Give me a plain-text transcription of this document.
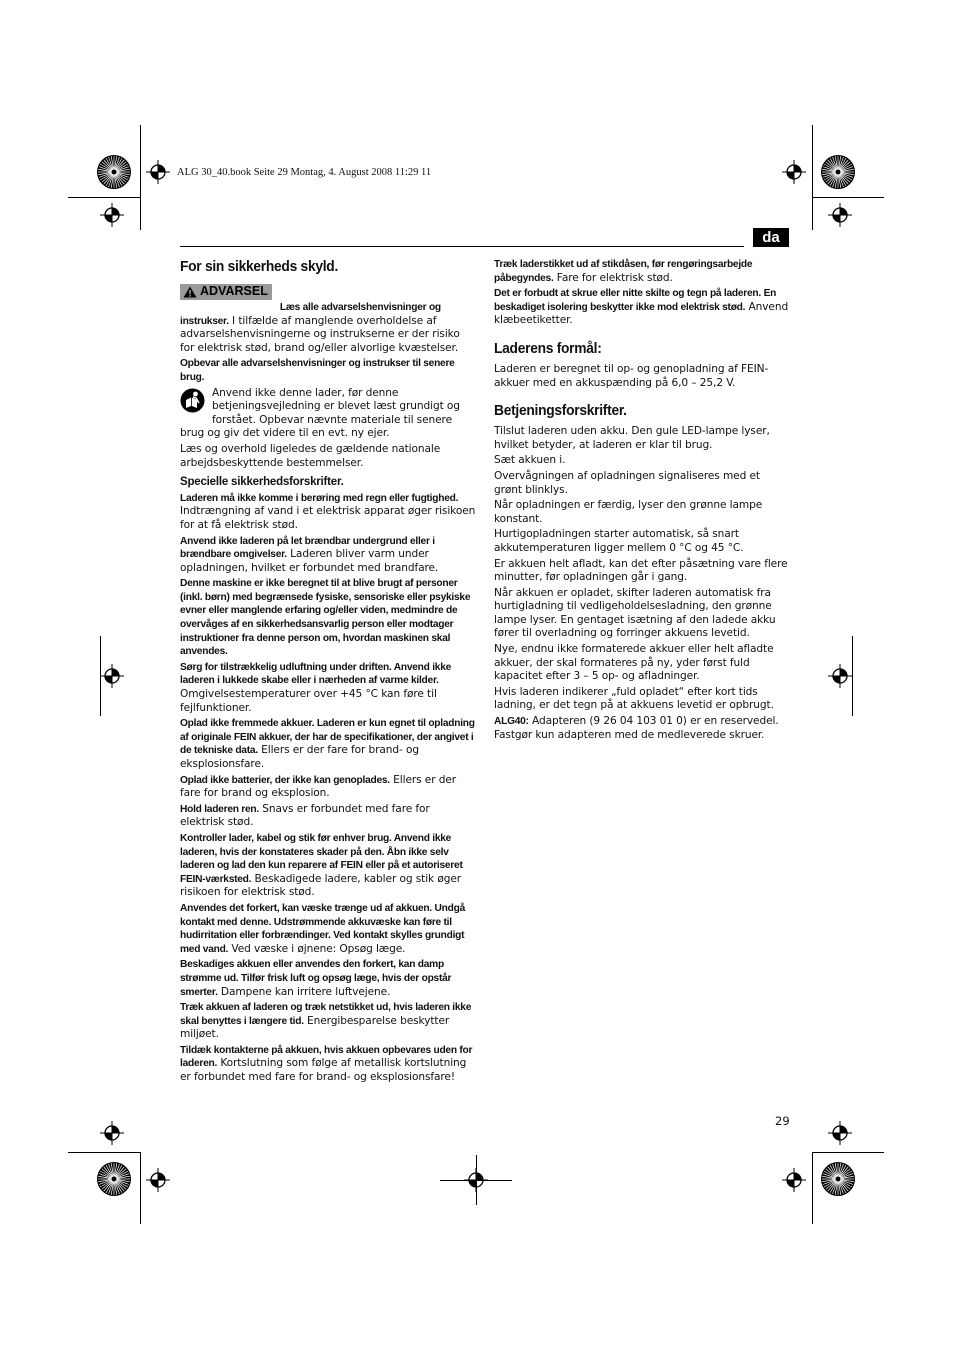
ALG 30_40.book Seite 29 Montag, 4. August 2008 11:29 11
da
For sin sikkerheds skyld.
ADVARSEL

Læs alle advarselshenvisninger og instrukser. I tilfælde af manglende overholdelse af advarselshenvisningerne og instrukserne er der risiko for elektrisk stød, brand og/eller alvorlige kvæstelser.

Opbevar alle advarselshenvisninger og instrukser til senere brug.

Anvend ikke denne lader, før denne betjeningsvejledning er blevet læst grundigt og forstået. Opbevar nævnte materiale til senere brug og giv det videre til en evt. ny ejer.

Læs og overhold ligeledes de gældende nationale arbejdsbeskyttende bestemmelser.

Specielle sikkerhedsforskrifter.

Laderen må ikke komme i berøring med regn eller fugtighed. Indtrængning af vand i et elektrisk apparat øger risikoen for at få elektrisk stød.

Anvend ikke laderen på let brændbar undergrund eller i brændbare omgivelser. Laderen bliver varm under opladningen, hvilket er forbundet med brandfare.

Denne maskine er ikke beregnet til at blive brugt af personer (inkl. børn) med begrænsede fysiske, sensoriske eller psykiske evner eller manglende erfaring og/eller viden, medmindre de overvåges af en sikkerhedsansvarlig person eller modtager instruktioner fra denne person om, hvordan maskinen skal anvendes.

Sørg for tilstrækkelig udluftning under driften. Anvend ikke laderen i lukkede skabe eller i nærheden af varme kilder. Omgivelsestemperaturer over +45 °C kan føre til fejlfunktioner.

Oplad ikke fremmede akkuer. Laderen er kun egnet til opladning af originale FEIN akkuer, der har de specifikationer, der angivet i de tekniske data. Ellers er der fare for brand- og eksplosionsfare.

Oplad ikke batterier, der ikke kan genoplades. Ellers er der fare for brand og eksplosion.

Hold laderen ren. Snavs er forbundet med fare for elektrisk stød.

Kontroller lader, kabel og stik før enhver brug. Anvend ikke laderen, hvis der konstateres skader på den. Åbn ikke selv laderen og lad den kun reparere af FEIN eller på et autoriseret FEIN-værksted. Beskadigede ladere, kabler og stik øger risikoen for elektrisk stød.

Anvendes det forkert, kan væske trænge ud af akkuen. Undgå kontakt med denne. Udstrømmende akkuvæske kan føre til hudirritation eller forbrændinger. Ved kontakt skylles grundigt med vand. Ved væske i øjnene: Opsøg læge.

Beskadiges akkuen eller anvendes den forkert, kan damp strømme ud. Tilfør frisk luft og opsøg læge, hvis der opstår smerter. Dampene kan irritere luftvejene.

Træk akkuen af laderen og træk netstikket ud, hvis laderen ikke skal benyttes i længere tid. Energibesparelse beskytter miljøet.

Tildæk kontakterne på akkuen, hvis akkuen opbevares uden for laderen. Kortslutning som følge af metallisk kortslutning er forbundet med fare for brand- og eksplosionsfare!

Træk laderstikket ud af stikdåsen, før rengøringsarbejde påbegyndes. Fare for elektrisk stød.

Det er forbudt at skrue eller nitte skilte og tegn på laderen. En beskadiget isolering beskytter ikke mod elektrisk stød. Anvend klæbeetiketter.

Laderens formål:

Laderen er beregnet til op- og genopladning af FEIN-akkuer med en akkuspænding på 6,0 – 25,2 V.

Betjeningsforskrifter.

Tilslut laderen uden akku. Den gule LED-lampe lyser, hvilket betyder, at laderen er klar til brug.

Sæt akkuen i.

Overvågningen af opladningen signaliseres med et grønt blinklys.

Når opladningen er færdig, lyser den grønne lampe konstant.

Hurtigopladningen starter automatisk, så snart akkutemperaturen ligger mellem 0 °C og 45 °C.

Er akkuen helt afladt, kan det efter påsætning vare flere minutter, før opladningen går i gang.

Når akkuen er opladet, skifter laderen automatisk fra hurtigladning til vedligeholdelsesladning, den grønne lampe lyser. En gentaget isætning af den ladede akku fører til overladning og forringer akkuens levetid.

Nye, endnu ikke formaterede akkuer eller helt afladte akkuer, der skal formateres på ny, yder først fuld kapacitet efter 3 – 5 op- og afladninger.

Hvis laderen indikerer „fuld opladet“ efter kort tids ladning, er det tegn på at akkuens levetid er opbrugt.

ALG40: Adapteren (9 26 04 103 01 0) er en reservedel. Fastgør kun adapteren med de medleverede skruer.

29
